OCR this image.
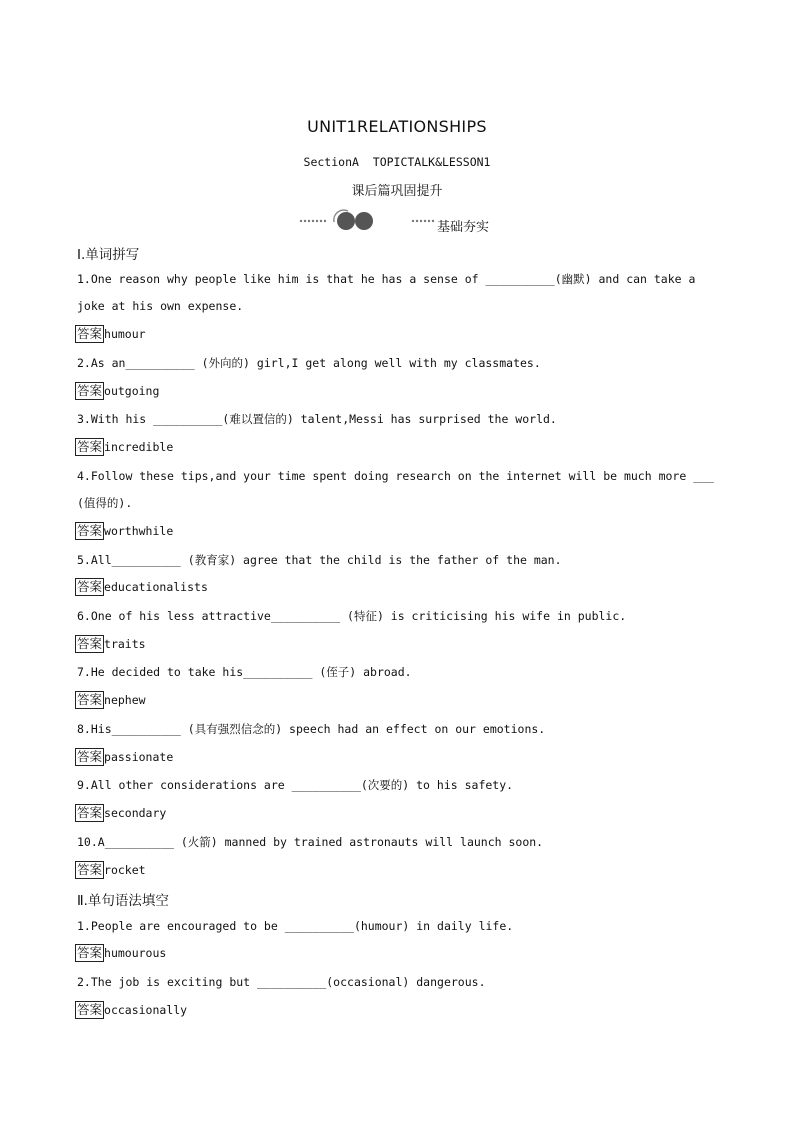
UNIT1RELATIONSHIPS
SectionA  TOPICTALK&LESSON1
课后篇巩固提升
基础夯实
Ⅰ.单词拼写
1.One reason why people like him is that he has a sense of __________(幽默) and can take a joke at his own expense.
答案 humour
2.As an__________ (外向的) girl,I get along well with my classmates.
答案 outgoing
3.With his __________(难以置信的) talent,Messi has surprised the world.
答案 incredible
4.Follow these tips,and your time spent doing research on the internet will be much more ___ (值得的).
答案 worthwhile
5.All__________ (教育家) agree that the child is the father of the man.
答案 educationalists
6.One of his less attractive__________ (特征) is criticising his wife in public.
答案 traits
7.He decided to take his__________ (侄子) abroad.
答案 nephew
8.His__________ (具有强烈信念的) speech had an effect on our emotions.
答案 passionate
9.All other considerations are __________(次要的) to his safety.
答案 secondary
10.A__________ (火箭) manned by trained astronauts will launch soon.
答案 rocket
Ⅱ.单句语法填空
1.People are encouraged to be __________(humour) in daily life.
答案 humourous
2.The job is exciting but __________(occasional) dangerous.
答案 occasionally
